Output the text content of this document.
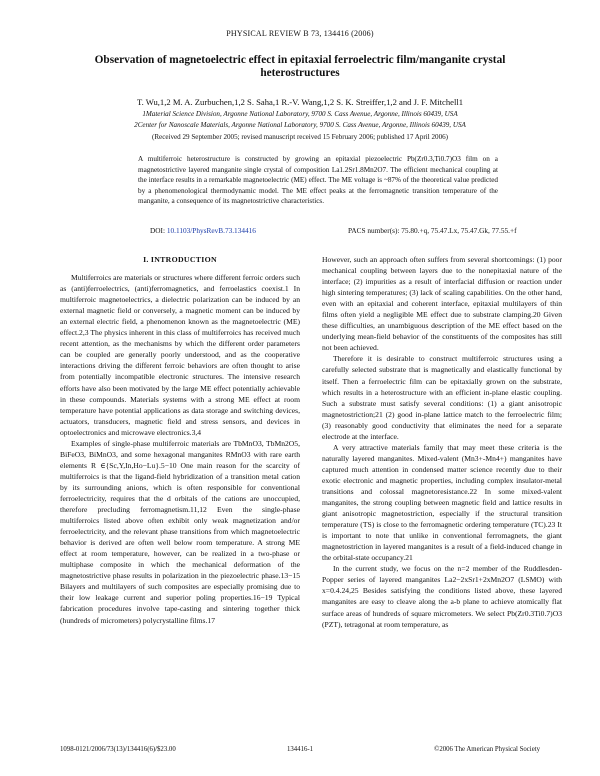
PHYSICAL REVIEW B 73, 134416 (2006)
Observation of magnetoelectric effect in epitaxial ferroelectric film/manganite crystal heterostructures
T. Wu,1,2 M. A. Zurbuchen,1,2 S. Saha,1 R.-V. Wang,1,2 S. K. Streiffer,1,2 and J. F. Mitchell1
1Material Science Division, Argonne National Laboratory, 9700 S. Cass Avenue, Argonne, Illinois 60439, USA
2Center for Nanoscale Materials, Argonne National Laboratory, 9700 S. Cass Avenue, Argonne, Illinois 60439, USA
(Received 29 September 2005; revised manuscript received 15 February 2006; published 17 April 2006)
A multiferroic heterostructure is constructed by growing an epitaxial piezoelectric Pb(Zr0.3,Ti0.7)O3 film on a magnetostrictive layered manganite single crystal of composition La1.2Sr1.8Mn2O7. The efficient mechanical coupling at the interface results in a remarkable magnetoelectric (ME) effect. The ME voltage is ~87% of the theoretical value predicted by a phenomenological thermodynamic model. The ME effect peaks at the ferromagnetic transition temperature of the manganite, a consequence of its magnetostrictive characteristics.
DOI: 10.1103/PhysRevB.73.134416	PACS number(s): 75.80.+q, 75.47.Lx, 75.47.Gk, 77.55.+f
I. INTRODUCTION

Multiferroics are materials or structures where different ferroic orders such as (anti)ferroelectrics, (anti)ferromagnetics, and ferroelastics coexist.1 In multiferroic magnetoelectrics, a dielectric polarization can be induced by an external magnetic field or conversely, a magnetic moment can be induced by an external electric field, a phenomenon known as the magnetoelectric (ME) effect.2,3 The physics inherent in this class of multiferroics has received much recent attention, as the mechanisms by which the different order parameters can be coupled are generally poorly understood, and as the cooperative interactions driving the different ferroic behaviors are often thought to arise from potentially incompatible electronic structures. The intensive research efforts have also been motivated by the large ME effect potentially achievable in these compounds. Materials systems with a strong ME effect at room temperature have potential applications as data storage and switching devices, actuators, transducers, magnetic field and stress sensors, and devices in optoelectronics and microwave electronics.3,4

Examples of single-phase multiferroic materials are TbMnO3, TbMn2O5, BiFeO3, BiMnO3, and some hexagonal manganites RMnO3 with rare earth elements R ∈{Sc,Y,In,Ho−Lu}.5−10 One main reason for the scarcity of multiferroics is that the ligand-field hybridization of a transition metal cation by its surrounding anions, which is often responsible for conventional ferroelectricity, requires that the d orbitals of the cations are unoccupied, therefore precluding ferromagnetism.11,12 Even the single-phase multiferroics listed above often exhibit only weak magnetization and/or ferroelectricity, and the relevant phase transitions from which magnetoelectric behavior is derived are often well below room temperature. A strong ME effect at room temperature, however, can be realized in a two-phase or multiphase composite in which the mechanical deformation of the magnetostrictive phase results in polarization in the piezoelectric phase.13−15 Bilayers and multilayers of such composites are especially promising due to their low leakage current and superior poling properties.16−19 Typical fabrication procedures involve tape-casting and sintering together thick (hundreds of micrometers) polycrystalline films.17

However, such an approach often suffers from several shortcomings: (1) poor mechanical coupling between layers due to the nonepitaxial nature of the interface; (2) impurities as a result of interfacial diffusion or reaction under high sintering temperatures; (3) lack of scaling capabilities. On the other hand, even with an epitaxial and coherent interface, epitaxial multilayers of thin films often yield a negligible ME effect due to substrate clamping.20 Given these difficulties, an unambiguous description of the ME effect based on the underlying mean-field behavior of the constituents of the composites has still not been achieved.

Therefore it is desirable to construct multiferroic structures using a carefully selected substrate that is magnetically and elastically functional by itself. Then a ferroelectric film can be epitaxially grown on the substrate, which results in a heterostructure with an efficient in-plane elastic coupling. Such a substrate must satisfy several conditions: (1) a giant anisotropic magnetostriction;21 (2) good in-plane lattice match to the ferroelectric film; (3) reasonably good conductivity that eliminates the need for a separate electrode at the interface.

A very attractive materials family that may meet these criteria is the naturally layered manganites. Mixed-valent (Mn3+-Mn4+) manganites have captured much attention in condensed matter science recently due to their exotic electronic and magnetic properties, including complex insulator-metal transitions and colossal magnetoresistance.22 In some mixed-valent manganites, the strong coupling between magnetic field and lattice results in giant anisotropic magnetostriction, especially if the structural transition temperature (TS) is close to the ferromagnetic ordering temperature (TC).23 It is important to note that unlike in conventional ferromagnets, the giant magnetostriction in layered manganites is a result of a field-induced change in the orbital-state occupancy.21

In the current study, we focus on the n=2 member of the Ruddlesden-Popper series of layered manganites La2−2xSr1+2xMn2O7 (LSMO) with x=0.4.24,25 Besides satisfying the conditions listed above, these layered manganites are easy to cleave along the a-b plane to achieve atomically flat surface areas of hundreds of square micrometers. We select Pb(Zr0.3Ti0.7)O3 (PZT), tetragonal at room temperature, as

1098-0121/2006/73(13)/134416(6)/$23.00	134416-1	©2006 The American Physical Society
